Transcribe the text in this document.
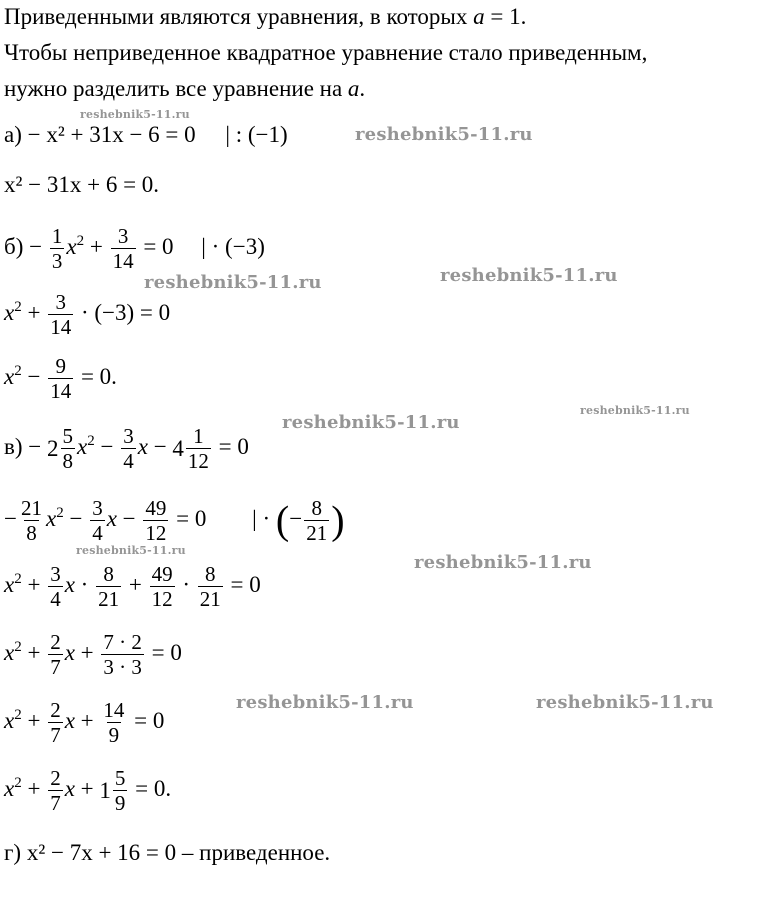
Приведенными являются уравнения, в которых a = 1.
Чтобы неприведенное квадратное уравнение стало приведенным,
нужно разделить все уравнение на a.
а) − x² + 31x − 6 = 0 | : (−1)
x² − 31x + 6 = 0.
$б) - \frac{1}{3} x^2 + \frac{3}{14} = 0$ | · (−3)
$x^2 + \frac{3}{14} \cdot (-3) = 0$
$x^2 - \frac{9}{14} = 0$.
$в) - 2 \frac{5}{8} x^2 - \frac{3}{4}$ $x - 4 \frac{1}{12} = 0$
− $\frac{21}{8} x^2 - \frac{3}{4}$ $x - \frac{49}{12} = 0$ | · (− $\frac{8}{21}$ )
$x^2 + \frac{3}{4}$ $x \cdot \frac{8}{21} + \frac{49}{12} \cdot \frac{8}{21} = 0$
$x^2 + \frac{2}{7}$ $x + \frac{7 \cdot 2}{3 \cdot 3} = 0$
$x^2 + \frac{2}{7}$ $x + \frac{14}{9} = 0$
$x^2 + \frac{2}{7}$ $x + 1 \frac{5}{9} = 0$.
г) x² − 7x + 16 = 0 – приведенное.
reshebnik5-11.ru
reshebnik5-11.ru
reshebnik5-11.ru	reshebnik5-11.ru
reshebnik5-11.ru
reshebnik5-11.ru
reshebnik5-11.ru
reshebnik5-11.ru
reshebnik5-11.ru	reshebnik5-11.ru
